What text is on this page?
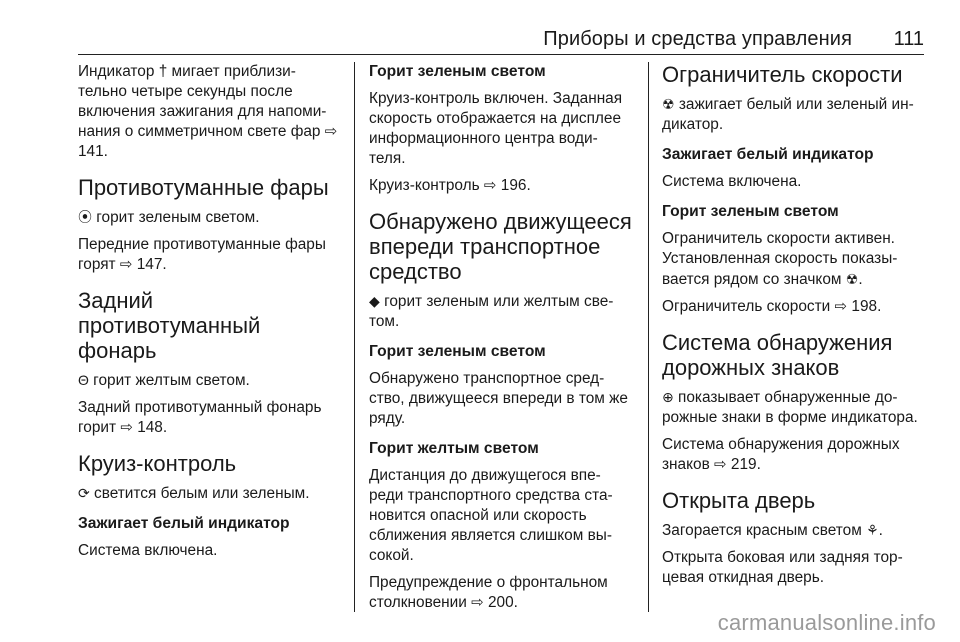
Приборы и средства управления 111

Индикатор † мигает приблизи-тельно четыре секунды после включения зажигания для напоми-нания о симметричном свете фар ⇨ 141.

Противотуманные фары

⦿ горит зеленым светом.

Передние противотуманные фары горят ⇨ 147.

Задний противотуманный фонарь

Θ горит желтым светом.

Задний противотуманный фонарь горит ⇨ 148.

Круиз-контроль

⟳ светится белым или зеленым.

Зажигает белый индикатор

Система включена.

Горит зеленым светом

Круиз-контроль включен. Заданная скорость отображается на дисплее информационного центра води-теля.

Круиз-контроль ⇨ 196.

Обнаружено движущееся впереди транспортное средство

◆ горит зеленым или желтым све-том.

Горит зеленым светом

Обнаружено транспортное сред-ство, движущееся впереди в том же ряду.

Горит желтым светом

Дистанция до движущегося впе-реди транспортного средства ста-новится опасной или скорость сближения является слишком вы-сокой.

Предупреждение о фронтальном столкновении ⇨ 200.

Ограничитель скорости

☢ зажигает белый или зеленый ин-дикатор.

Зажигает белый индикатор

Система включена.

Горит зеленым светом

Ограничитель скорости активен. Установленная скорость показы-вается рядом со значком ☢.

Ограничитель скорости ⇨ 198.

Система обнаружения дорожных знаков

⊕ показывает обнаруженные до-рожные знаки в форме индикатора.

Система обнаружения дорожных знаков ⇨ 219.

Открыта дверь

Загорается красным светом ⚘.

Открыта боковая или задняя тор-цевая откидная дверь.

carmanualsonline.info
